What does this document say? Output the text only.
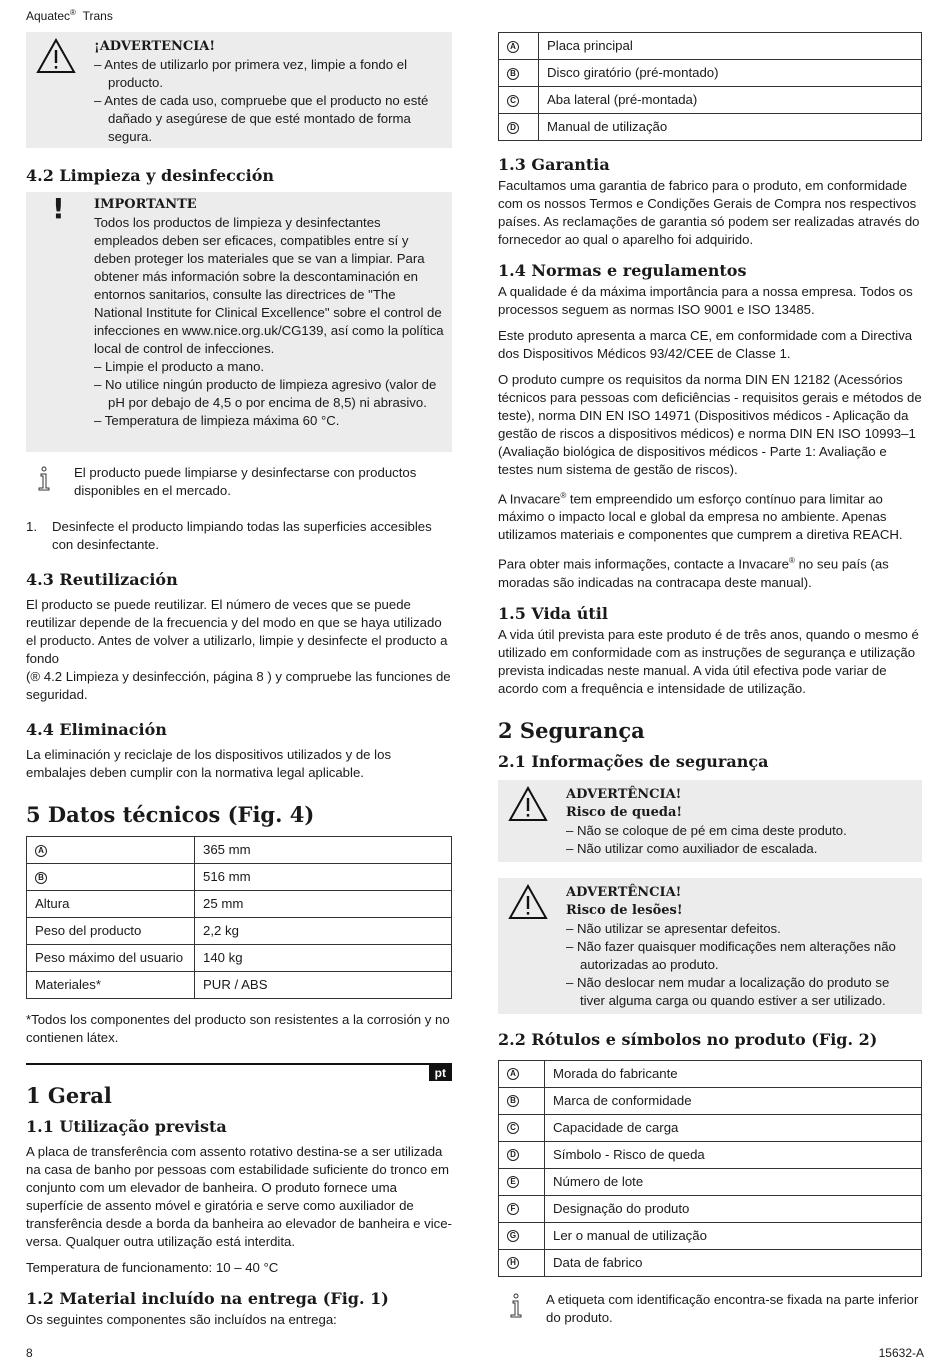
Aquatec® Trans
¡ADVERTENCIA!
– Antes de utilizarlo por primera vez, limpie a fondo el producto.
– Antes de cada uso, compruebe que el producto no esté dañado y asegúrese de que esté montado de forma segura.
4.2 Limpieza y desinfección
! IMPORTANTE

Todos los productos de limpieza y desinfectantes empleados deben ser eficaces, compatibles entre sí y deben proteger los materiales que se van a limpiar. Para obtener más información sobre la descontaminación en entornos sanitarios, consulte las directrices de "The National Institute for Clinical Excellence" sobre el control de infecciones en www.nice.org.uk/CG139, así como la política local de control de infecciones.

– Limpie el producto a mano.
– No utilice ningún producto de limpieza agresivo (valor de pH por debajo de 4,5 o por encima de 8,5) ni abrasivo.
– Temperatura de limpieza máxima 60 °C.

El producto puede limpiarse y desinfectarse con productos disponibles en el mercado.

1. Desinfecte el producto limpiando todas las superficies accesibles con desinfectante.

4.3 Reutilización

El producto se puede reutilizar. El número de veces que se puede reutilizar depende de la frecuencia y del modo en que se haya utilizado el producto. Antes de volver a utilizarlo, limpie y desinfecte el producto a fondo

(® 4.2 Limpieza y desinfección, página 8 ) y compruebe las funciones de seguridad.

4.4 Eliminación

La eliminación y reciclaje de los dispositivos utilizados y de los embalajes deben cumplir con la normativa legal aplicable.

5 Datos técnicos (Fig. 4)
A	365 mm
B	516 mm
Altura	25 mm
Peso del producto	2,2 kg
Peso máximo del usuario	140 kg
Materiales*	PUR / ABS

*Todos los componentes del producto son resistentes a la corrosión y no contienen látex.

pt
1 Geral
1.1 Utilização prevista

A placa de transferência com assento rotativo destina-se a ser utilizada na casa de banho por pessoas com estabilidade suficiente do tronco em conjunto com um elevador de banheira. O produto fornece uma superfície de assento móvel e giratória e serve como auxiliador de transferência desde a borda da banheira ao elevador de banheira e vice-versa. Qualquer outra utilização está interdita.

Temperatura de funcionamento: 10 – 40 °C

1.2 Material incluído na entrega (Fig. 1)

Os seguintes componentes são incluídos na entrega:

A	Placa principal
B	Disco giratório (pré-montado)
C	Aba lateral (pré-montada)
D	Manual de utilização
1.3 Garantia

Facultamos uma garantia de fabrico para o produto, em conformidade com os nossos Termos e Condições Gerais de Compra nos respectivos países. As reclamações de garantia só podem ser realizadas através do fornecedor ao qual o aparelho foi adquirido.

1.4 Normas e regulamentos

A qualidade é da máxima importância para a nossa empresa. Todos os processos seguem as normas ISO 9001 e ISO 13485.

Este produto apresenta a marca CE, em conformidade com a Directiva dos Dispositivos Médicos 93/42/CEE de Classe 1.

O produto cumpre os requisitos da norma DIN EN 12182 (Acessórios técnicos para pessoas com deficiências - requisitos gerais e métodos de teste), norma DIN EN ISO 14971 (Dispositivos médicos - Aplicação da gestão de riscos a dispositivos médicos) e norma DIN EN ISO 10993–1 (Avaliação biológica de dispositivos médicos - Parte 1: Avaliação e testes num sistema de gestão de riscos).

A Invacare® tem empreendido um esforço contínuo para limitar ao máximo o impacto local e global da empresa no ambiente. Apenas utilizamos materiais e componentes que cumprem a diretiva REACH.

Para obter mais informações, contacte a Invacare® no seu país (as moradas são indicadas na contracapa deste manual).

1.5 Vida útil

A vida útil prevista para este produto é de três anos, quando o mesmo é utilizado em conformidade com as instruções de segurança e utilização prevista indicadas neste manual. A vida útil efectiva pode variar de acordo com a frequência e intensidade de utilização.

2 Segurança
2.1 Informações de segurança
ADVERTÊNCIA!
Risco de queda!
– Não se coloque de pé em cima deste produto.
– Não utilizar como auxiliador de escalada.
ADVERTÊNCIA!
Risco de lesões!
– Não utilizar se apresentar defeitos.
– Não fazer quaisquer modificações nem alterações não autorizadas ao produto.
– Não deslocar nem mudar a localização do produto se tiver alguma carga ou quando estiver a ser utilizado.
2.2 Rótulos e símbolos no produto (Fig. 2)
A	Morada do fabricante
B	Marca de conformidade
C	Capacidade de carga
D	Símbolo - Risco de queda
E	Número de lote
F	Designação do produto
G	Ler o manual de utilização
H	Data de fabrico

A etiqueta com identificação encontra-se fixada na parte inferior do produto.

8	15632-A
